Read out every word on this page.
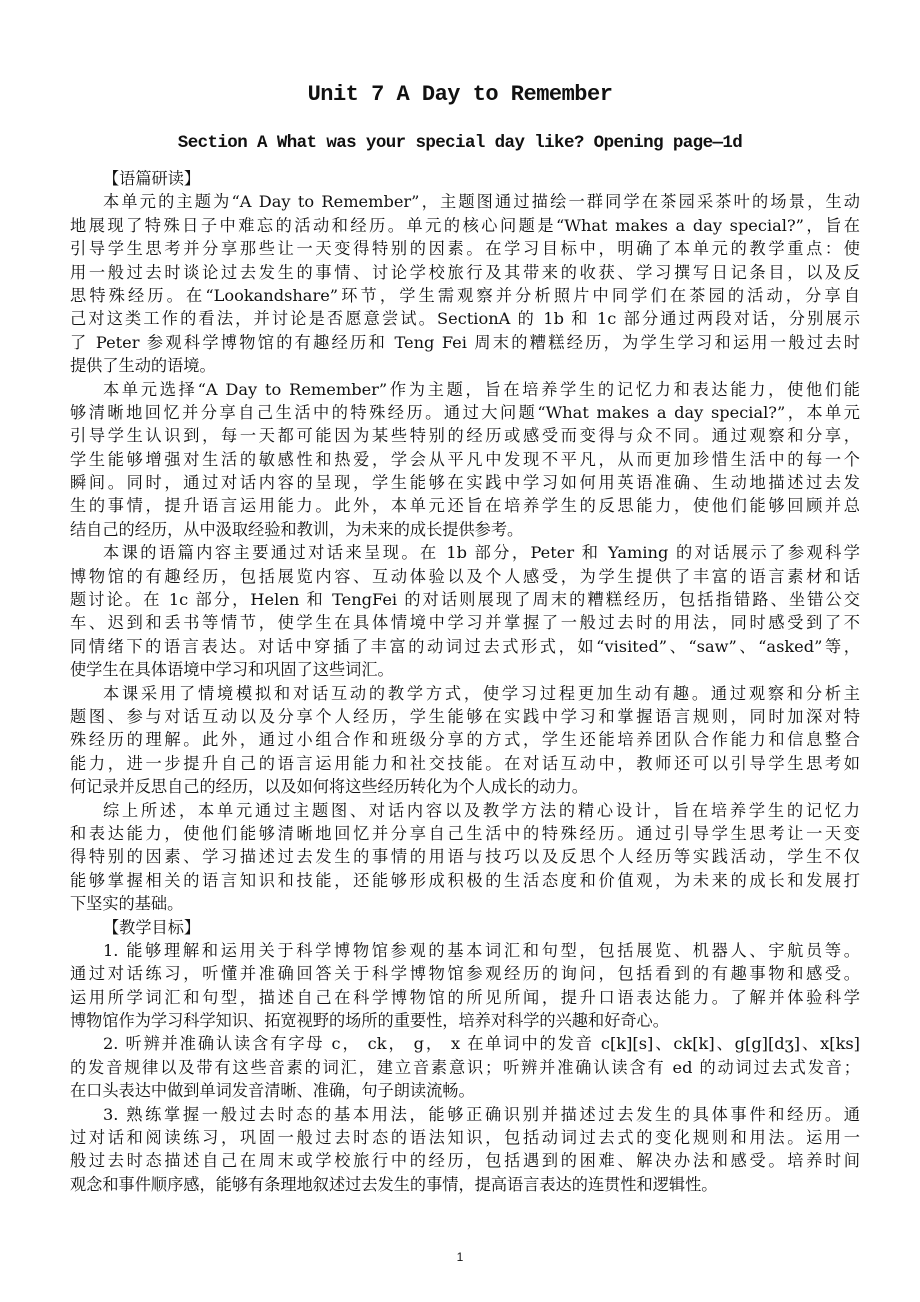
Unit 7 A Day to Remember
Section A What was your special day like? Opening page—1d
【语篇研读】
本单元的主题为“A Day to Remember”，主题图通过描绘一群同学在茶园采茶叶的场景，生动
地展现了特殊日子中难忘的活动和经历。单元的核心问题是“What makes a day special?”，旨在
引导学生思考并分享那些让一天变得特别的因素。在学习目标中，明确了本单元的教学重点：使
用一般过去时谈论过去发生的事情、讨论学校旅行及其带来的收获、学习撰写日记条目，以及反
思特殊经历。在“Lookandshare”环节，学生需观察并分析照片中同学们在茶园的活动，分享自
己对这类工作的看法，并讨论是否愿意尝试。SectionA 的 1b 和 1c 部分通过两段对话，分别展示
了 Peter 参观科学博物馆的有趣经历和 Teng Fei 周末的糟糕经历，为学生学习和运用一般过去时
提供了生动的语境。
本单元选择“A Day to Remember”作为主题，旨在培养学生的记忆力和表达能力，使他们能
够清晰地回忆并分享自己生活中的特殊经历。通过大问题“What makes a day special?”，本单元
引导学生认识到，每一天都可能因为某些特别的经历或感受而变得与众不同。通过观察和分享，
学生能够增强对生活的敏感性和热爱，学会从平凡中发现不平凡，从而更加珍惜生活中的每一个
瞬间。同时，通过对话内容的呈现，学生能够在实践中学习如何用英语准确、生动地描述过去发
生的事情，提升语言运用能力。此外，本单元还旨在培养学生的反思能力，使他们能够回顾并总
结自己的经历，从中汲取经验和教训，为未来的成长提供参考。
本课的语篇内容主要通过对话来呈现。在 1b 部分，Peter 和 Yaming 的对话展示了参观科学
博物馆的有趣经历，包括展览内容、互动体验以及个人感受，为学生提供了丰富的语言素材和话
题讨论。在 1c 部分，Helen 和 TengFei 的对话则展现了周末的糟糕经历，包括指错路、坐错公交
车、迟到和丢书等情节，使学生在具体情境中学习并掌握了一般过去时的用法，同时感受到了不
同情绪下的语言表达。对话中穿插了丰富的动词过去式形式，如“visited”、“saw”、“asked”等，
使学生在具体语境中学习和巩固了这些词汇。
本课采用了情境模拟和对话互动的教学方式，使学习过程更加生动有趣。通过观察和分析主
题图、参与对话互动以及分享个人经历，学生能够在实践中学习和掌握语言规则，同时加深对特
殊经历的理解。此外，通过小组合作和班级分享的方式，学生还能培养团队合作能力和信息整合
能力，进一步提升自己的语言运用能力和社交技能。在对话互动中，教师还可以引导学生思考如
何记录并反思自己的经历，以及如何将这些经历转化为个人成长的动力。
综上所述，本单元通过主题图、对话内容以及教学方法的精心设计，旨在培养学生的记忆力
和表达能力，使他们能够清晰地回忆并分享自己生活中的特殊经历。通过引导学生思考让一天变
得特别的因素、学习描述过去发生的事情的用语与技巧以及反思个人经历等实践活动，学生不仅
能够掌握相关的语言知识和技能，还能够形成积极的生活态度和价值观，为未来的成长和发展打
下坚实的基础。
【教学目标】
1. 能够理解和运用关于科学博物馆参观的基本词汇和句型，包括展览、机器人、宇航员等。
通过对话练习，听懂并准确回答关于科学博物馆参观经历的询问，包括看到的有趣事物和感受。
运用所学词汇和句型，描述自己在科学博物馆的所见所闻，提升口语表达能力。了解并体验科学
博物馆作为学习科学知识、拓宽视野的场所的重要性，培养对科学的兴趣和好奇心。
2. 听辨并准确认读含有字母 c， ck， g， x 在单词中的发音 c[k][s]、ck[k]、g[g][dʒ]、x[ks]
的发音规律以及带有这些音素的词汇，建立音素意识；听辨并准确认读含有 ed 的动词过去式发音；
在口头表达中做到单词发音清晰、准确，句子朗读流畅。
3. 熟练掌握一般过去时态的基本用法，能够正确识别并描述过去发生的具体事件和经历。通
过对话和阅读练习，巩固一般过去时态的语法知识，包括动词过去式的变化规则和用法。运用一
般过去时态描述自己在周末或学校旅行中的经历，包括遇到的困难、解决办法和感受。培养时间
观念和事件顺序感，能够有条理地叙述过去发生的事情，提高语言表达的连贯性和逻辑性。
1
